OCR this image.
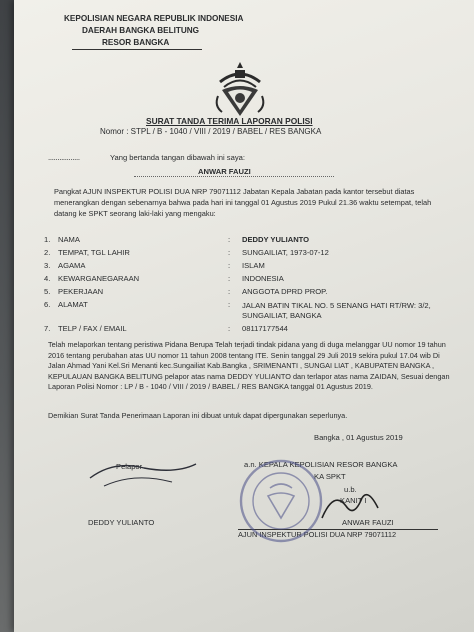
KEPOLISIAN NEGARA REPUBLIK INDONESIA
DAERAH BANGKA BELITUNG
RESOR BANGKA
SURAT TANDA TERIMA LAPORAN POLISI
Nomor : STPL / B - 1040 / VIII / 2019 / BABEL / RES BANGKA
.................	Yang bertanda tangan dibawah ini saya:
ANWAR FAUZI
Pangkat AJUN INSPEKTUR POLISI DUA NRP 79071112 Jabatan Kepala Jabatan pada kantor tersebut diatas menerangkan dengan sebenarnya bahwa pada hari ini tanggal 01 Agustus 2019 Pukul 21.36 waktu setempat, telah datang ke SPKT seorang laki-laki yang mengaku:
1. NAMA	: DEDDY YULIANTO
2. TEMPAT, TGL LAHIR	: SUNGAILIAT, 1973-07-12
3. AGAMA	: ISLAM
4. KEWARGANEGARAAN	: INDONESIA
5. PEKERJAAN	: ANGGOTA DPRD PROP.
6. ALAMAT	: JALAN BATIN TIKAL NO. 5 SENANG HATI RT/RW: 3/2, SUNGAILIAT, BANGKA
7. TELP / FAX / EMAIL	: 08117177544
Telah melaporkan tentang peristiwa Pidana Berupa Telah terjadi tindak pidana yang di duga melanggar UU nomor 19 tahun 2016 tentang perubahan atas UU nomor 11 tahun 2008 tentang ITE. Senin tanggal 29 Juli 2019 sekira pukul 17.04 wib Di Jalan Ahmad Yani Kel.Sri Menanti kec.Sungailiat Kab.Bangka , SRIMENANTI , SUNGAI LIAT , KABUPATEN BANGKA , KEPULAUAN BANGKA BELITUNG pelapor atas nama DEDDY YULIANTO dan terlapor atas nama ZAIDAN, Sesuai dengan Laporan Polisi Nomor : LP / B - 1040 / VIII / 2019 / BABEL / RES BANGKA tanggal 01 Agustus 2019.
Demikian Surat Tanda Penerimaan Laporan ini dibuat untuk dapat dipergunakan seperlunya.
Bangka , 01 Agustus 2019
a.n. KEPALA KEPOLISIAN RESOR BANGKA
KA SPKT
u.b.
KANIT I
ANWAR FAUZI
AJUN INSPEKTUR POLISI DUA NRP 79071112
Pelapor
DEDDY YULIANTO
